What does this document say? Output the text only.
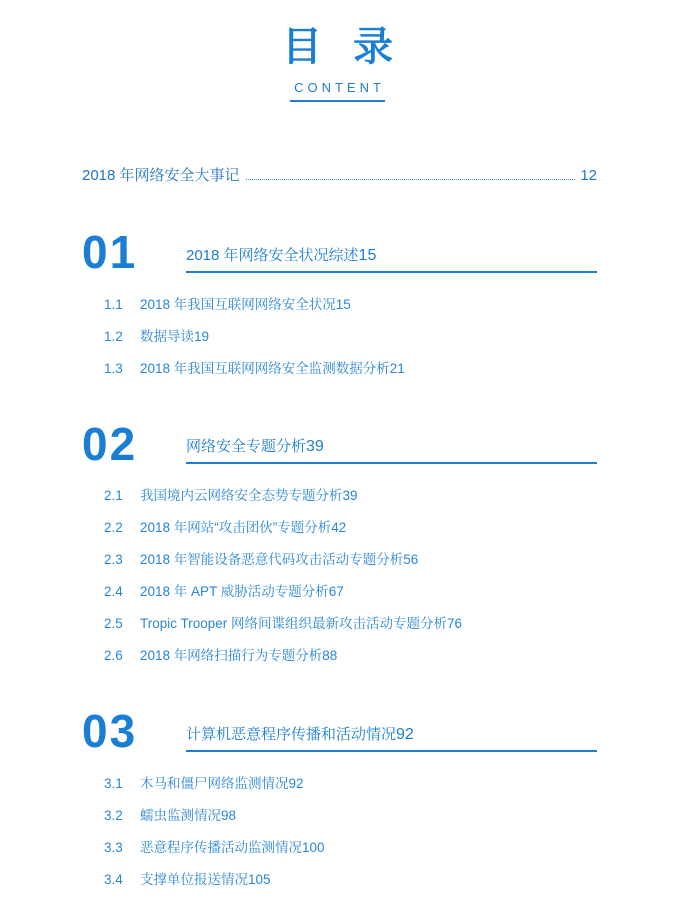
目 录
CONTENT
2018 年网络安全大事记	12
01	2018 年网络安全状况综述 15
1.1	2018 年我国互联网网络安全状况 15
1.2	数据导读 19
1.3	2018 年我国互联网网络安全监测数据分析 21
02	网络安全专题分析 39
2.1	我国境内云网络安全态势专题分析 39
2.2	2018 年网站“攻击团伙”专题分析 42
2.3	2018 年智能设备恶意代码攻击活动专题分析 56
2.4	2018 年 APT 威胁活动专题分析 67
2.5	Tropic Trooper 网络间谍组织最新攻击活动专题分析 76
2.6	2018 年网络扫描行为专题分析 88
03	计算机恶意程序传播和活动情况 92
3.1	木马和僵尸网络监测情况 92
3.2	蠕虫监测情况 98
3.3	恶意程序传播活动监测情况 100
3.4	支撑单位报送情况 105
